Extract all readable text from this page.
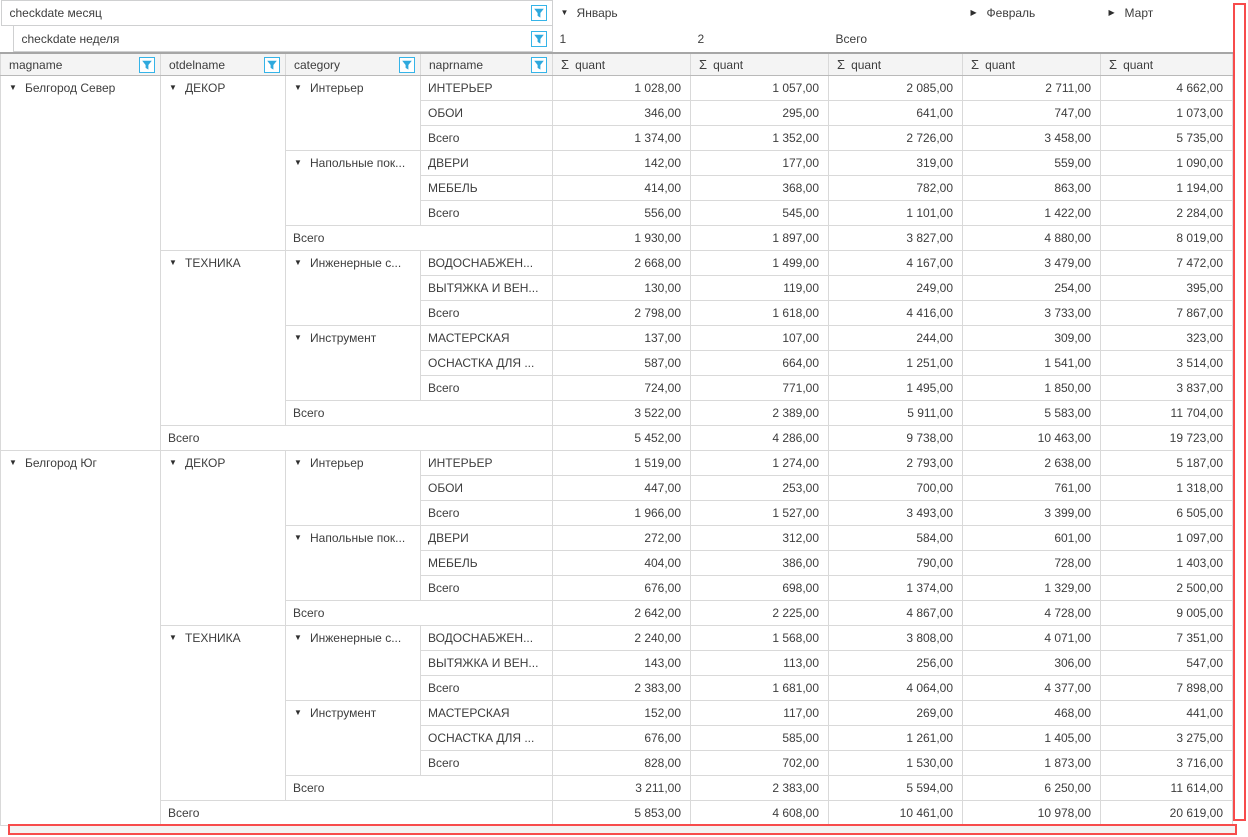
checkdate месяц				▼ Январь			▶ Февраль	▶ Март

checkdate неделя				1	2	Всего		

magname	otdelname	category	naprname	Σ quant	Σ quant	Σ quant	Σ quant	Σ quant

▼ Белгород Север	▼ ДЕКОР	▼ Интерьер	ИНТЕРЬЕР	1 028,00	1 057,00	2 085,00	2 711,00	4 662,00
			ОБОИ	346,00	295,00	641,00	747,00	1 073,00
			Всего	1 374,00	1 352,00	2 726,00	3 458,00	5 735,00

		▼ Напольные пок...	ДВЕРИ	142,00	177,00	319,00	559,00	1 090,00
			МЕБЕЛЬ	414,00	368,00	782,00	863,00	1 194,00
			Всего	556,00	545,00	1 101,00	1 422,00	2 284,00
		Всего		1 930,00	1 897,00	3 827,00	4 880,00	8 019,00

	▼ ТЕХНИКА	▼ Инженерные с...	ВОДОСНАБЖЕН...	2 668,00	1 499,00	4 167,00	3 479,00	7 472,00
			ВЫТЯЖКА И ВЕН...	130,00	119,00	249,00	254,00	395,00
			Всего	2 798,00	1 618,00	4 416,00	3 733,00	7 867,00

		▼ Инструмент	МАСТЕРСКАЯ	137,00	107,00	244,00	309,00	323,00
			ОСНАСТКА ДЛЯ ...	587,00	664,00	1 251,00	1 541,00	3 514,00
			Всего	724,00	771,00	1 495,00	1 850,00	3 837,00
		Всего		3 522,00	2 389,00	5 911,00	5 583,00	11 704,00
	Всего			5 452,00	4 286,00	9 738,00	10 463,00	19 723,00

▼ Белгород Юг	▼ ДЕКОР	▼ Интерьер	ИНТЕРЬЕР	1 519,00	1 274,00	2 793,00	2 638,00	5 187,00
			ОБОИ	447,00	253,00	700,00	761,00	1 318,00
			Всего	1 966,00	1 527,00	3 493,00	3 399,00	6 505,00

		▼ Напольные пок...	ДВЕРИ	272,00	312,00	584,00	601,00	1 097,00
			МЕБЕЛЬ	404,00	386,00	790,00	728,00	1 403,00
			Всего	676,00	698,00	1 374,00	1 329,00	2 500,00
		Всего		2 642,00	2 225,00	4 867,00	4 728,00	9 005,00

	▼ ТЕХНИКА	▼ Инженерные с...	ВОДОСНАБЖЕН...	2 240,00	1 568,00	3 808,00	4 071,00	7 351,00
			ВЫТЯЖКА И ВЕН...	143,00	113,00	256,00	306,00	547,00
			Всего	2 383,00	1 681,00	4 064,00	4 377,00	7 898,00

		▼ Инструмент	МАСТЕРСКАЯ	152,00	117,00	269,00	468,00	441,00
			ОСНАСТКА ДЛЯ ...	676,00	585,00	1 261,00	1 405,00	3 275,00
			Всего	828,00	702,00	1 530,00	1 873,00	3 716,00
		Всего		3 211,00	2 383,00	5 594,00	6 250,00	11 614,00
	Всего			5 853,00	4 608,00	10 461,00	10 978,00	20 619,00
